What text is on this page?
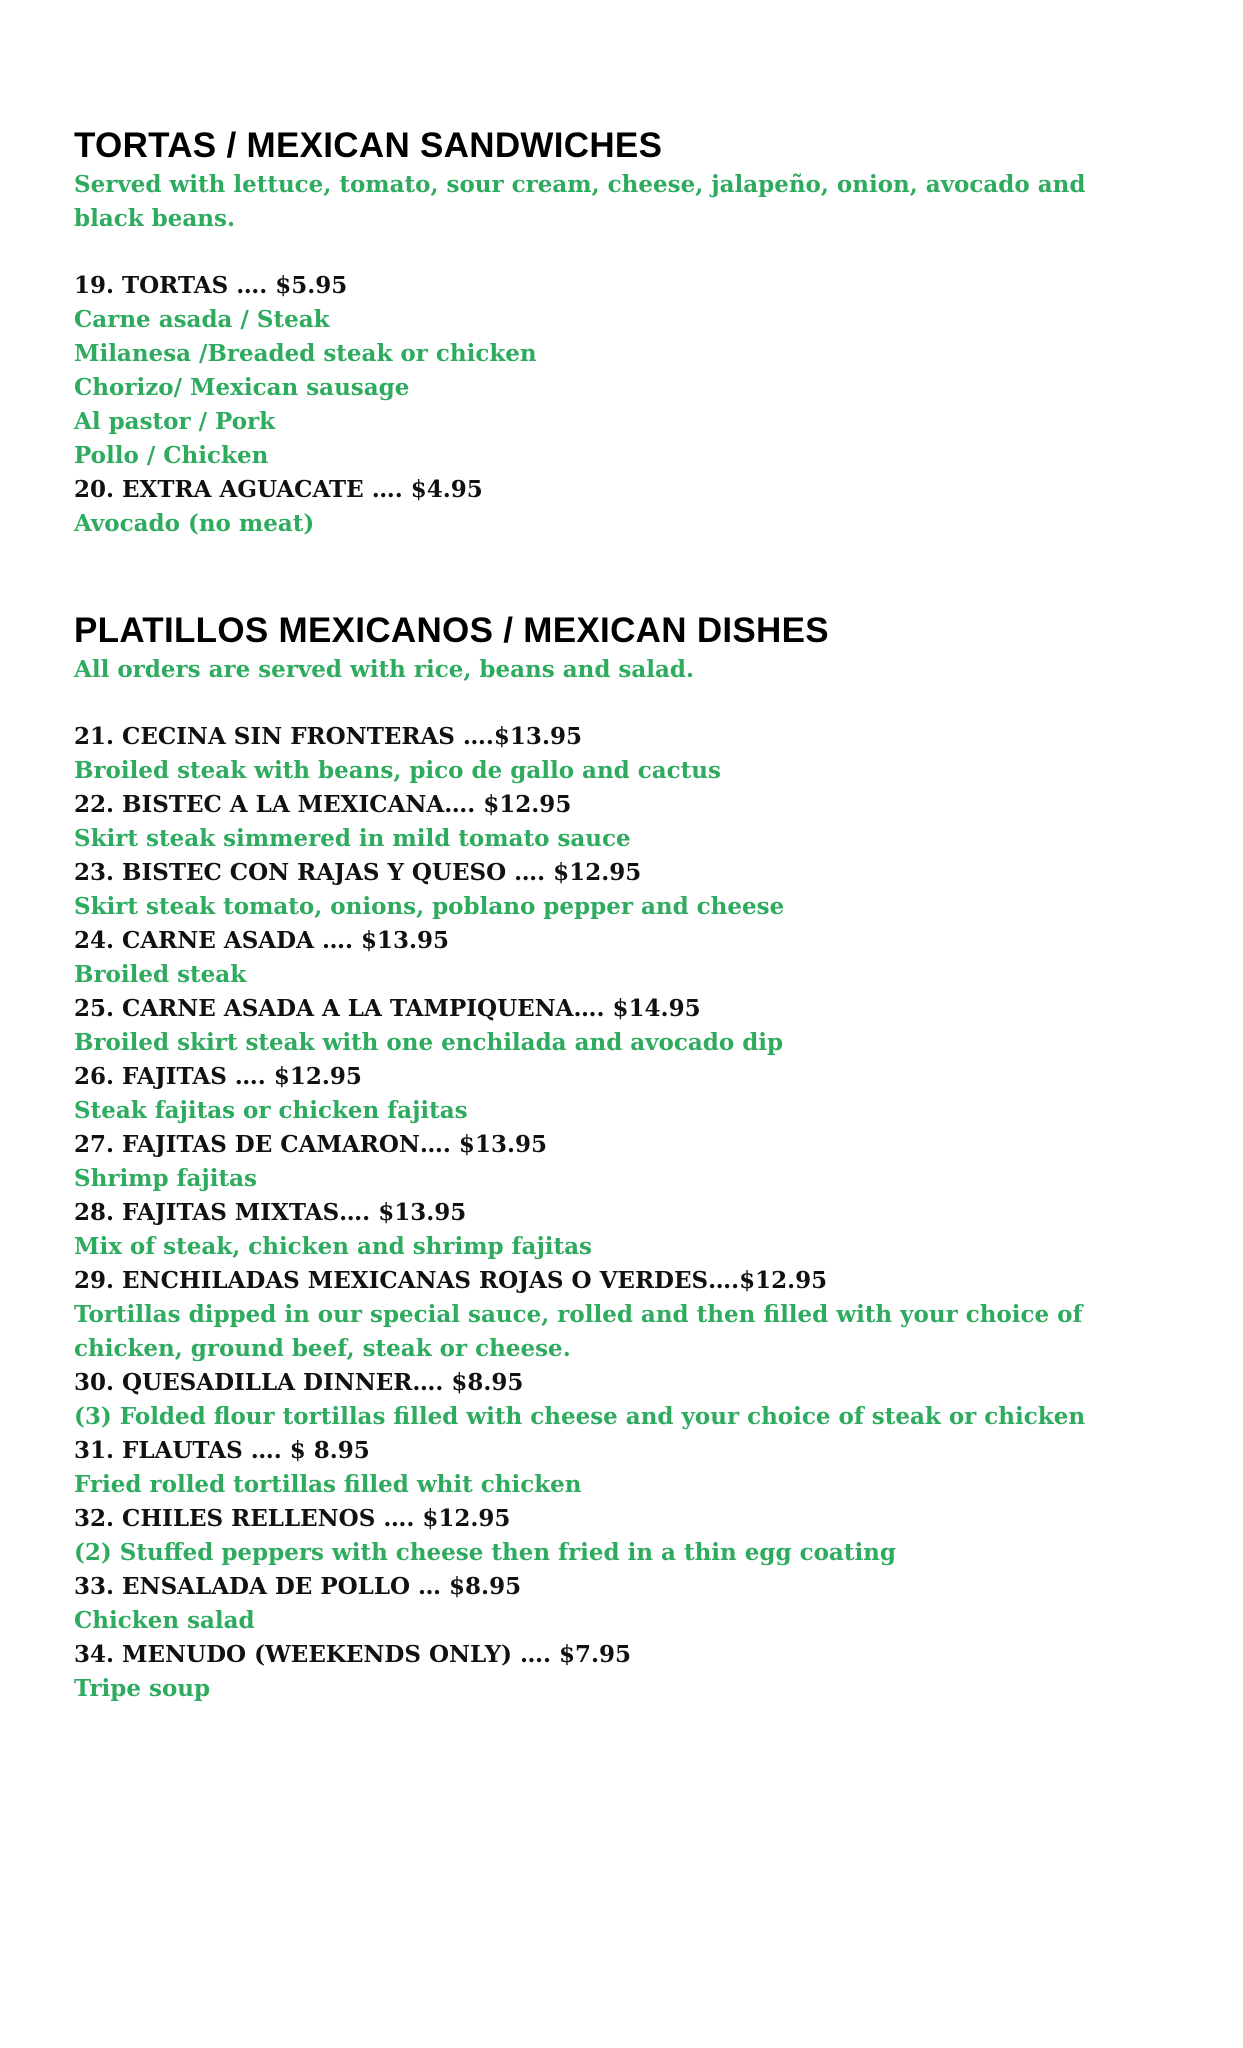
TORTAS / MEXICAN SANDWICHES

Served with lettuce, tomato, sour cream, cheese, jalapeño, onion, avocado and black beans.

19. TORTAS …. $5.95

Carne asada / Steak

Milanesa /Breaded steak or chicken

Chorizo/ Mexican sausage

Al pastor / Pork

Pollo / Chicken

20. EXTRA AGUACATE …. $4.95

Avocado (no meat)

PLATILLOS MEXICANOS / MEXICAN DISHES

All orders are served with rice, beans and salad.

21. CECINA SIN FRONTERAS ….$13.95

Broiled steak with beans, pico de gallo and cactus

22. BISTEC A LA MEXICANA…. $12.95

Skirt steak simmered in mild tomato sauce

23. BISTEC CON RAJAS Y QUESO …. $12.95

Skirt steak tomato, onions, poblano pepper and cheese

24. CARNE ASADA …. $13.95

Broiled steak

25. CARNE ASADA A LA TAMPIQUENA…. $14.95

Broiled skirt steak with one enchilada and avocado dip

26. FAJITAS …. $12.95

Steak fajitas or chicken fajitas

27. FAJITAS DE CAMARON…. $13.95

Shrimp fajitas

28. FAJITAS MIXTAS…. $13.95

Mix of steak, chicken and shrimp fajitas

29. ENCHILADAS MEXICANAS ROJAS O VERDES….$12.95

Tortillas dipped in our special sauce, rolled and then filled with your choice of chicken, ground beef, steak or cheese.

30. QUESADILLA DINNER…. $8.95

(3) Folded flour tortillas filled with cheese and your choice of steak or chicken

31. FLAUTAS …. $ 8.95

Fried rolled tortillas filled whit chicken

32. CHILES RELLENOS …. $12.95

(2) Stuffed peppers with cheese then fried in a thin egg coating

33. ENSALADA DE POLLO … $8.95

Chicken salad

34. MENUDO (WEEKENDS ONLY) …. $7.95

Tripe soup
